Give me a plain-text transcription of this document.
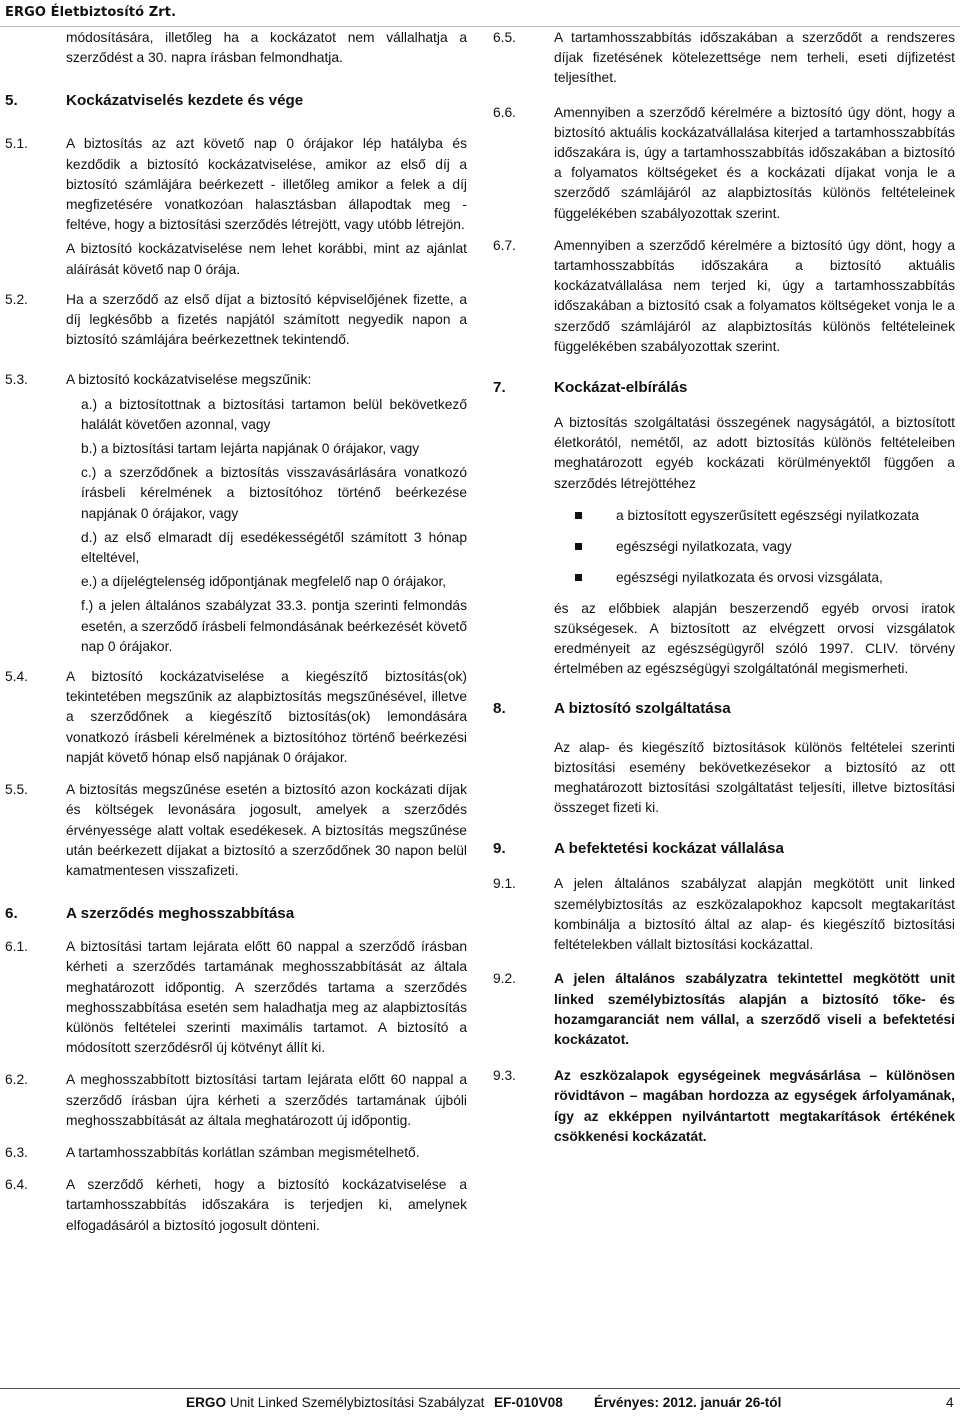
ERGO Életbiztosító Zrt.

módosítására, illetőleg ha a kockázatot nem vállalhatja a szerződést a 30. napra írásban felmondhatja.

5.	Kockázatviselés kezdete és vége
5.1.	A biztosítás az azt követő nap 0 órájakor lép hatályba és kezdődik a biztosító kockázatviselése, amikor az első díj a biztosító számlájára beérkezett - illetőleg amikor a felek a díj megfizetésére vonatkozóan halasztásban állapodtak meg - feltéve, hogy a biztosítási szerződés létrejött, vagy utóbb létrejön.

A biztosító kockázatviselése nem lehet korábbi, mint az ajánlat aláírását követő nap 0 órája.

5.2.	Ha a szerződő az első díjat a biztosító képviselőjének fizette, a díj legkésőbb a fizetés napjától számított negyedik napon a biztosító számlájára beérkezettnek tekintendő.
5.3.	A biztosító kockázatviselése megszűnik:
a.) a biztosítottnak a biztosítási tartamon belül bekövetkező halálát követően azonnal, vagy
b.) a biztosítási tartam lejárta napjának 0 órájakor, vagy
c.) a szerződőnek a biztosítás visszavásárlására vonatkozó írásbeli kérelmének a biztosítóhoz történő beérkezése napjának 0 órájakor, vagy
d.) az első elmaradt díj esedékességétől számított 3 hónap elteltével,
e.) a díjelégtelenség időpontjának megfelelő nap 0 órájakor,
f.) a jelen általános szabályzat 33.3. pontja szerinti felmondás esetén, a szerződő írásbeli felmondásának beérkezését követő nap 0 órájakor.
5.4.	A biztosító kockázatviselése a kiegészítő biztosítás(ok) tekintetében megszűnik az alapbiztosítás megszűnésével, illetve a szerződőnek a kiegészítő biztosítás(ok) lemondására vonatkozó írásbeli kérelmének a biztosítóhoz történő beérkezési napját követő hónap első napjának 0 órájakor.
5.5.	A biztosítás megszűnése esetén a biztosító azon kockázati díjak és költségek levonására jogosult, amelyek a szerződés érvényessége alatt voltak esedékesek. A biztosítás megszűnése után beérkezett díjakat a biztosító a szerződőnek 30 napon belül kamatmentesen visszafizeti.
6.	A szerződés meghosszabbítása
6.1.	A biztosítási tartam lejárata előtt 60 nappal a szerződő írásban kérheti a szerződés tartamának meghosszabbítását az általa meghatározott időpontig. A szerződés tartama a szerződés meghosszabbítása esetén sem haladhatja meg az alapbiztosítás különös feltételei szerinti maximális tartamot. A biztosító a módosított szerződésről új kötvényt állít ki.
6.2.	A meghosszabbított biztosítási tartam lejárata előtt 60 nappal a szerződő írásban újra kérheti a szerződés tartamának újbóli meghosszabbítását az általa meghatározott új időpontig.
6.3.	A tartamhosszabbítás korlátlan számban megismételhető.
6.4.	A szerződő kérheti, hogy a biztosító kockázatviselése a tartamhosszabbítás időszakára is terjedjen ki, amelynek elfogadásáról a biztosító jogosult dönteni.
6.5.	A tartamhosszabbítás időszakában a szerződőt a rendszeres díjak fizetésének kötelezettsége nem terheli, eseti díjfizetést teljesíthet.
6.6.	Amennyiben a szerződő kérelmére a biztosító úgy dönt, hogy a biztosító aktuális kockázatvállalása kiterjed a tartamhosszabbítás időszakára is, úgy a tartamhosszabbítás időszakában a biztosító a folyamatos költségeket és a kockázati díjakat vonja le a szerződő számlájáról az alapbiztosítás különös feltételeinek függelékében szabályozottak szerint.
6.7.	Amennyiben a szerződő kérelmére a biztosító úgy dönt, hogy a tartamhosszabbítás időszakára a biztosító aktuális kockázatvállalása nem terjed ki, úgy a tartamhosszabbítás időszakában a biztosító csak a folyamatos költségeket vonja le a szerződő számlájáról az alapbiztosítás különös feltételeinek függelékében szabályozottak szerint.
7.	Kockázat-elbírálás

A biztosítás szolgáltatási összegének nagyságától, a biztosított életkorától, nemétől, az adott biztosítás különös feltételeiben meghatározott egyéb kockázati körülményektől függően a szerződés létrejöttéhez

a biztosított egyszerűsített egészségi nyilatkozata
egészségi nyilatkozata, vagy
egészségi nyilatkozata és orvosi vizsgálata,

és az előbbiek alapján beszerzendő egyéb orvosi iratok szükségesek. A biztosított az elvégzett orvosi vizsgálatok eredményeit az egészségügyről szóló 1997. CLIV. törvény értelmében az egészségügyi szolgáltatónál megismerheti.

8.	A biztosító szolgáltatása

Az alap- és kiegészítő biztosítások különös feltételei szerinti biztosítási esemény bekövetkezésekor a biztosító az ott meghatározott biztosítási szolgáltatást teljesíti, illetve biztosítási összeget fizeti ki.

9.	A befektetési kockázat vállalása
9.1.	A jelen általános szabályzat alapján megkötött unit linked személybiztosítás az eszközalapokhoz kapcsolt megtakarítást kombinálja a biztosító által az alap- és kiegészítő biztosítási feltételekben vállalt biztosítási kockázattal.
9.2.	A jelen általános szabályzatra tekintettel megkötött unit linked személybiztosítás alapján a biztosító tőke- és hozamgaranciát nem vállal, a szerződő viseli a befektetési kockázatot.
9.3.	Az eszközalapok egységeinek megvásárlása – különösen rövidtávon – magában hordozza az egységek árfolyamának, így az ekképpen nyilvántartott megtakarítások értékének csökkenési kockázatát.
ERGO Unit Linked Személybiztosítási Szabályzat EF-010V08 Érvényes: 2012. január 26-tól	4
